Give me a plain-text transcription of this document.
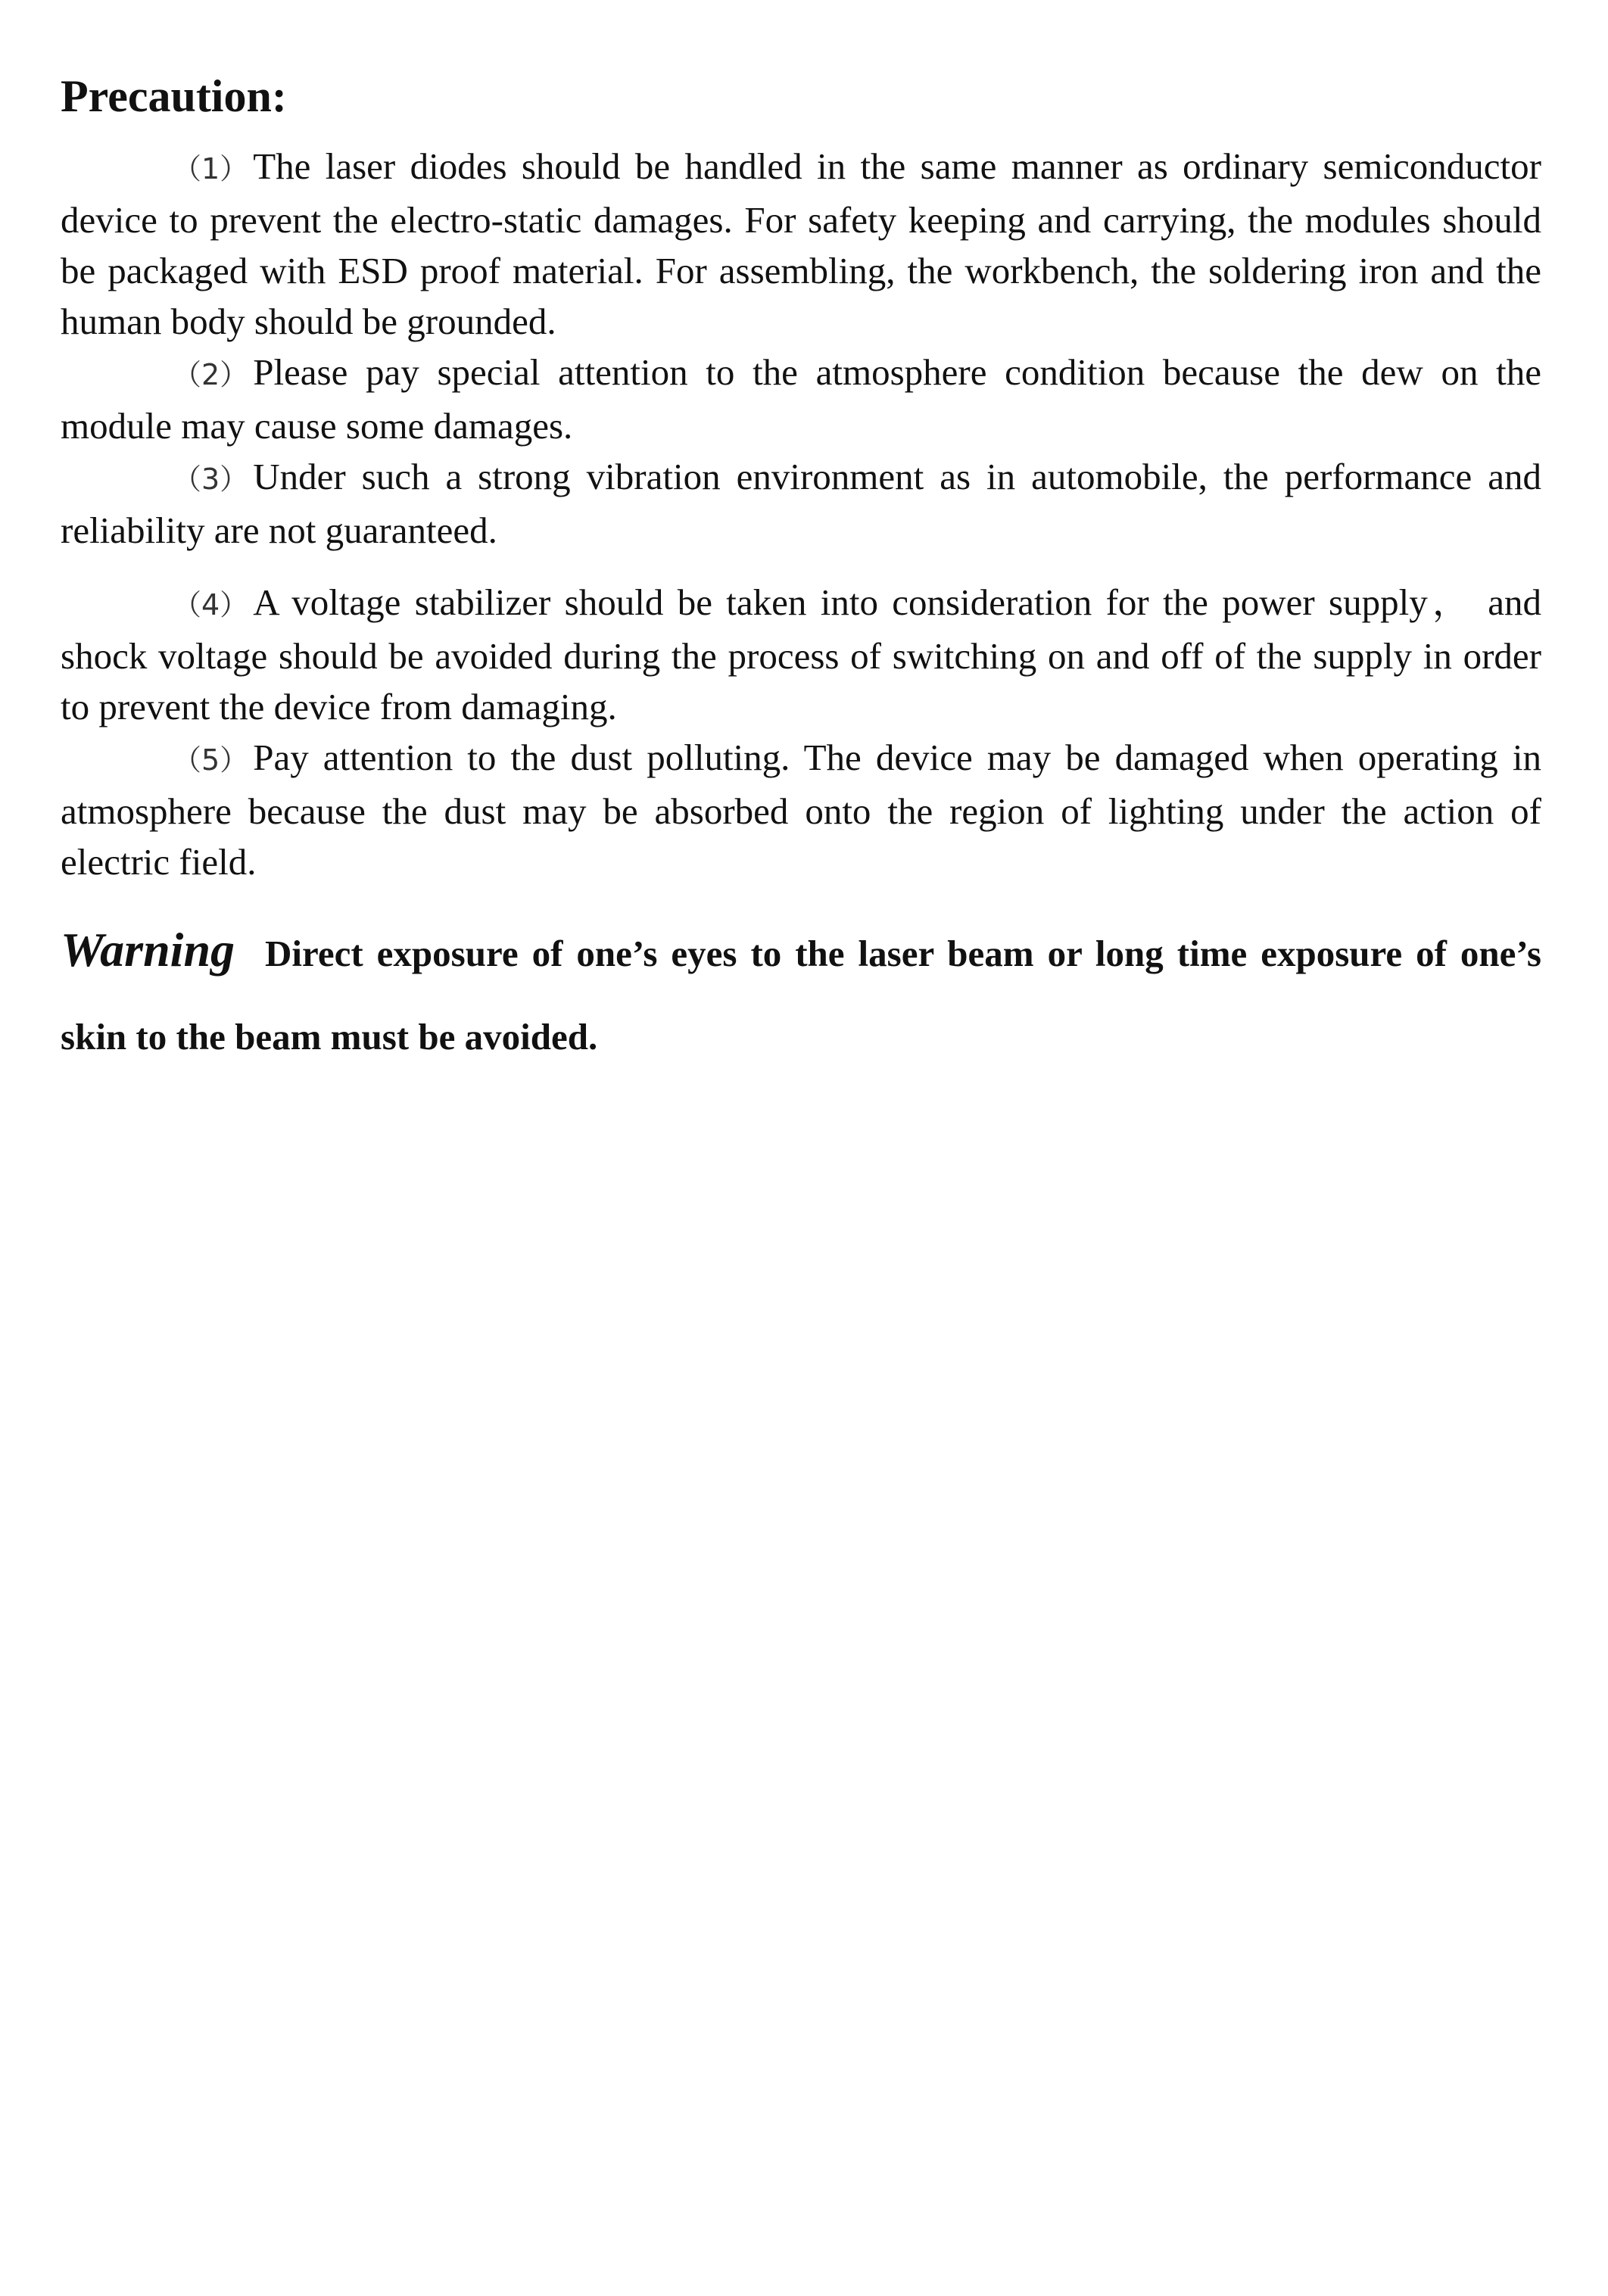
Precaution:

（1） The laser diodes should be handled in the same manner as ordinary semiconductor device to prevent the electro-static damages. For safety keeping and carrying, the modules should be packaged with ESD proof material. For assembling, the workbench, the soldering iron and the human body should be grounded.

（2） Please pay special attention to the atmosphere condition because the dew on the module may cause some damages.

（3） Under such a strong vibration environment as in automobile, the performance and reliability are not guaranteed.

（4） A voltage stabilizer should be taken into consideration for the power supply， and shock voltage should be avoided during the process of switching on and off of the supply in order to prevent the device from damaging.

（5） Pay attention to the dust polluting. The device may be damaged when operating in atmosphere because the dust may be absorbed onto the region of lighting under the action of electric field.

Warning Direct exposure of one’s eyes to the laser beam or long time exposure of one’s skin to the beam must be avoided.
